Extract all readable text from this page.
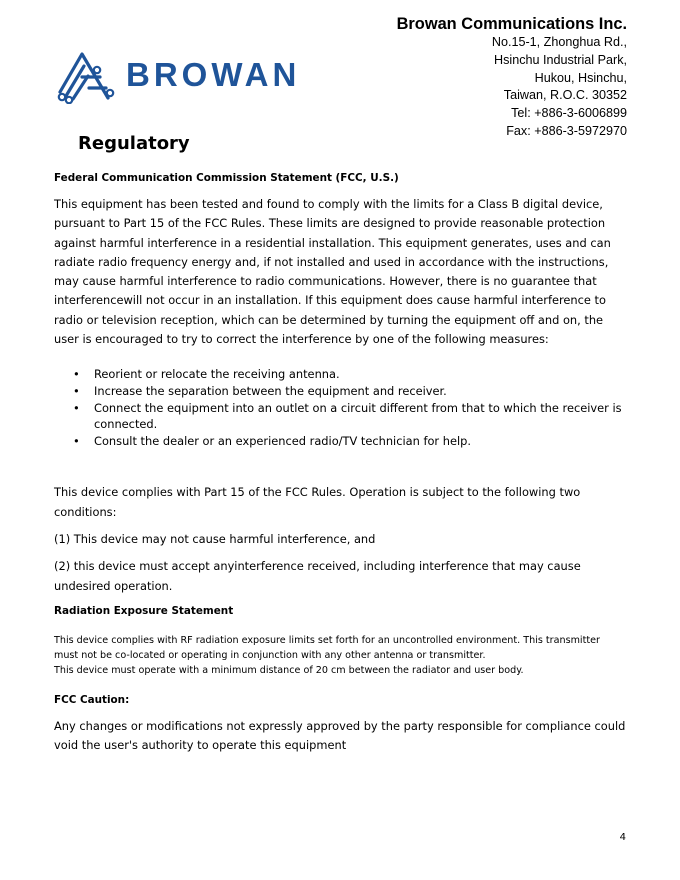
BROWAN
Browan Communications Inc.
No.15-1, Zhonghua Rd.,
Hsinchu Industrial Park,
Hukou, Hsinchu,
Taiwan, R.O.C. 30352
Tel: +886-3-6006899
Fax: +886-3-5972970
Regulatory

Federal Communication Commission Statement (FCC, U.S.)

This equipment has been tested and found to comply with the limits for a Class B digital device, pursuant to Part 15 of the FCC Rules. These limits are designed to provide reasonable protection against harmful interference in a residential installation. This equipment generates, uses and can radiate radio frequency energy and, if not installed and used in accordance with the instructions, may cause harmful interference to radio communications. However, there is no guarantee that interferencewill not occur in an installation. If this equipment does cause harmful interference to radio or television reception, which can be determined by turning the equipment off and on, the user is encouraged to try to correct the interference by one of the following measures:

• Reorient or relocate the receiving antenna.
• Increase the separation between the equipment and receiver.
• Connect the equipment into an outlet on a circuit different from that to which the receiver is connected.
• Consult the dealer or an experienced radio/TV technician for help.

This device complies with Part 15 of the FCC Rules. Operation is subject to the following two conditions:

(1) This device may not cause harmful interference, and

(2) this device must accept anyinterference received, including interference that may cause undesired operation.

Radiation Exposure Statement

This device complies with RF radiation exposure limits set forth for an uncontrolled environment. This transmitter must not be co-located or operating in conjunction with any other antenna or transmitter.

This device must operate with a minimum distance of 20 cm between the radiator and user body.

FCC Caution:

Any changes or modifications not expressly approved by the party responsible for compliance could void the user's authority to operate this equipment

4
